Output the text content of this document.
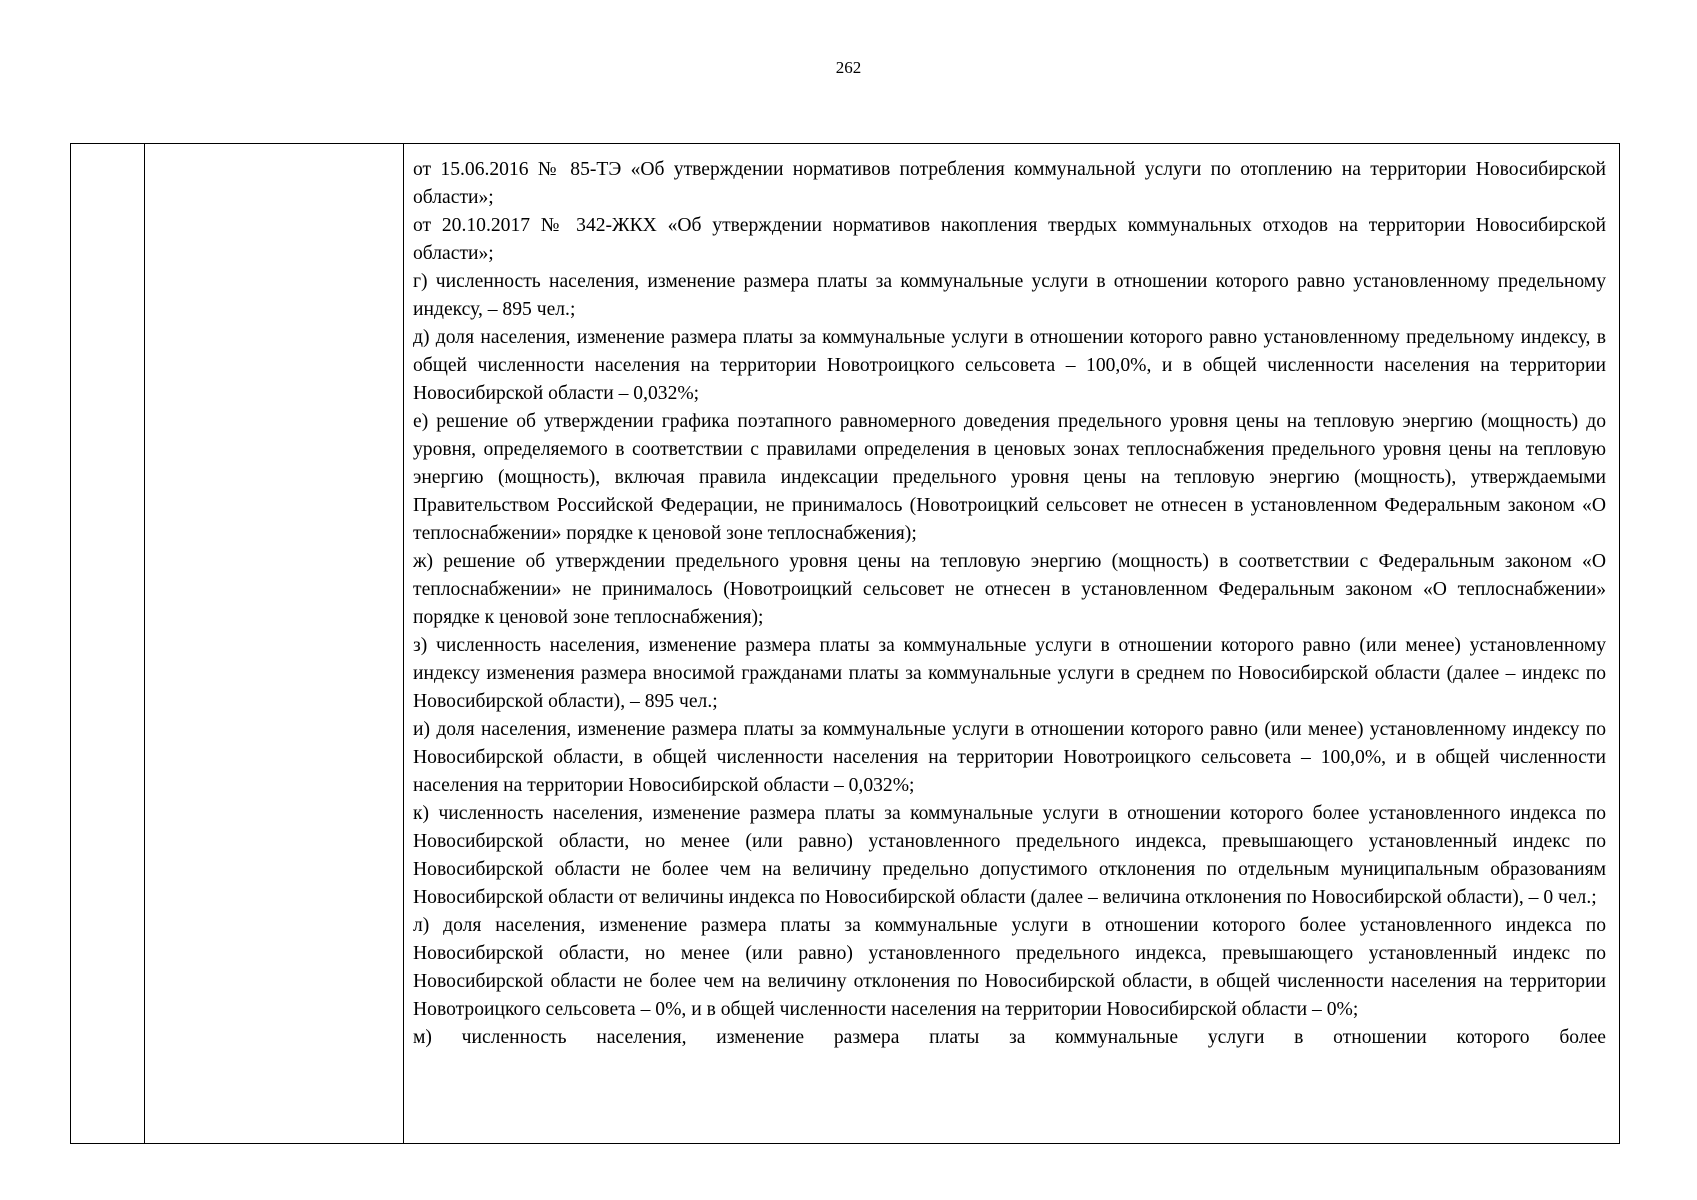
262

от 15.06.2016 № 85-ТЭ «Об утверждении нормативов потребления коммунальной услуги по отоплению на территории Новосибирской области»;

от 20.10.2017 № 342-ЖКХ «Об утверждении нормативов накопления твердых коммунальных отходов на территории Новосибирской области»;

г) численность населения, изменение размера платы за коммунальные услуги в отношении которого равно установленному предельному индексу, – 895 чел.;

д) доля населения, изменение размера платы за коммунальные услуги в отношении которого равно установленному предельному индексу, в общей численности населения на территории Новотроицкого сельсовета – 100,0%, и в общей численности населения на территории Новосибирской области – 0,032%;

е) решение об утверждении графика поэтапного равномерного доведения предельного уровня цены на тепловую энергию (мощность) до уровня, определяемого в соответствии с правилами определения в ценовых зонах теплоснабжения предельного уровня цены на тепловую энергию (мощность), включая правила индексации предельного уровня цены на тепловую энергию (мощность), утверждаемыми Правительством Российской Федерации, не принималось (Новотроицкий сельсовет не отнесен в установленном Федеральным законом «О теплоснабжении» порядке к ценовой зоне теплоснабжения);

ж) решение об утверждении предельного уровня цены на тепловую энергию (мощность) в соответствии с Федеральным законом «О теплоснабжении» не принималось (Новотроицкий сельсовет не отнесен в установленном Федеральным законом «О теплоснабжении» порядке к ценовой зоне теплоснабжения);

з) численность населения, изменение размера платы за коммунальные услуги в отношении которого равно (или менее) установленному индексу изменения размера вносимой гражданами платы за коммунальные услуги в среднем по Новосибирской области (далее – индекс по Новосибирской области), – 895 чел.;

и) доля населения, изменение размера платы за коммунальные услуги в отношении которого равно (или менее) установленному индексу по Новосибирской области, в общей численности населения на территории Новотроицкого сельсовета – 100,0%, и в общей численности населения на территории Новосибирской области – 0,032%;

к) численность населения, изменение размера платы за коммунальные услуги в отношении которого более установленного индекса по Новосибирской области, но менее (или равно) установленного предельного индекса, превышающего установленный индекс по Новосибирской области не более чем на величину предельно допустимого отклонения по отдельным муниципальным образованиям Новосибирской области от величины индекса по Новосибирской области (далее – величина отклонения по Новосибирской области), – 0 чел.;

л) доля населения, изменение размера платы за коммунальные услуги в отношении которого более установленного индекса по Новосибирской области, но менее (или равно) установленного предельного индекса, превышающего установленный индекс по Новосибирской области не более чем на величину отклонения по Новосибирской области, в общей численности населения на территории Новотроицкого сельсовета – 0%, и в общей численности населения на территории Новосибирской области – 0%;

м) численность населения, изменение размера платы за коммунальные услуги в отношении которого более
